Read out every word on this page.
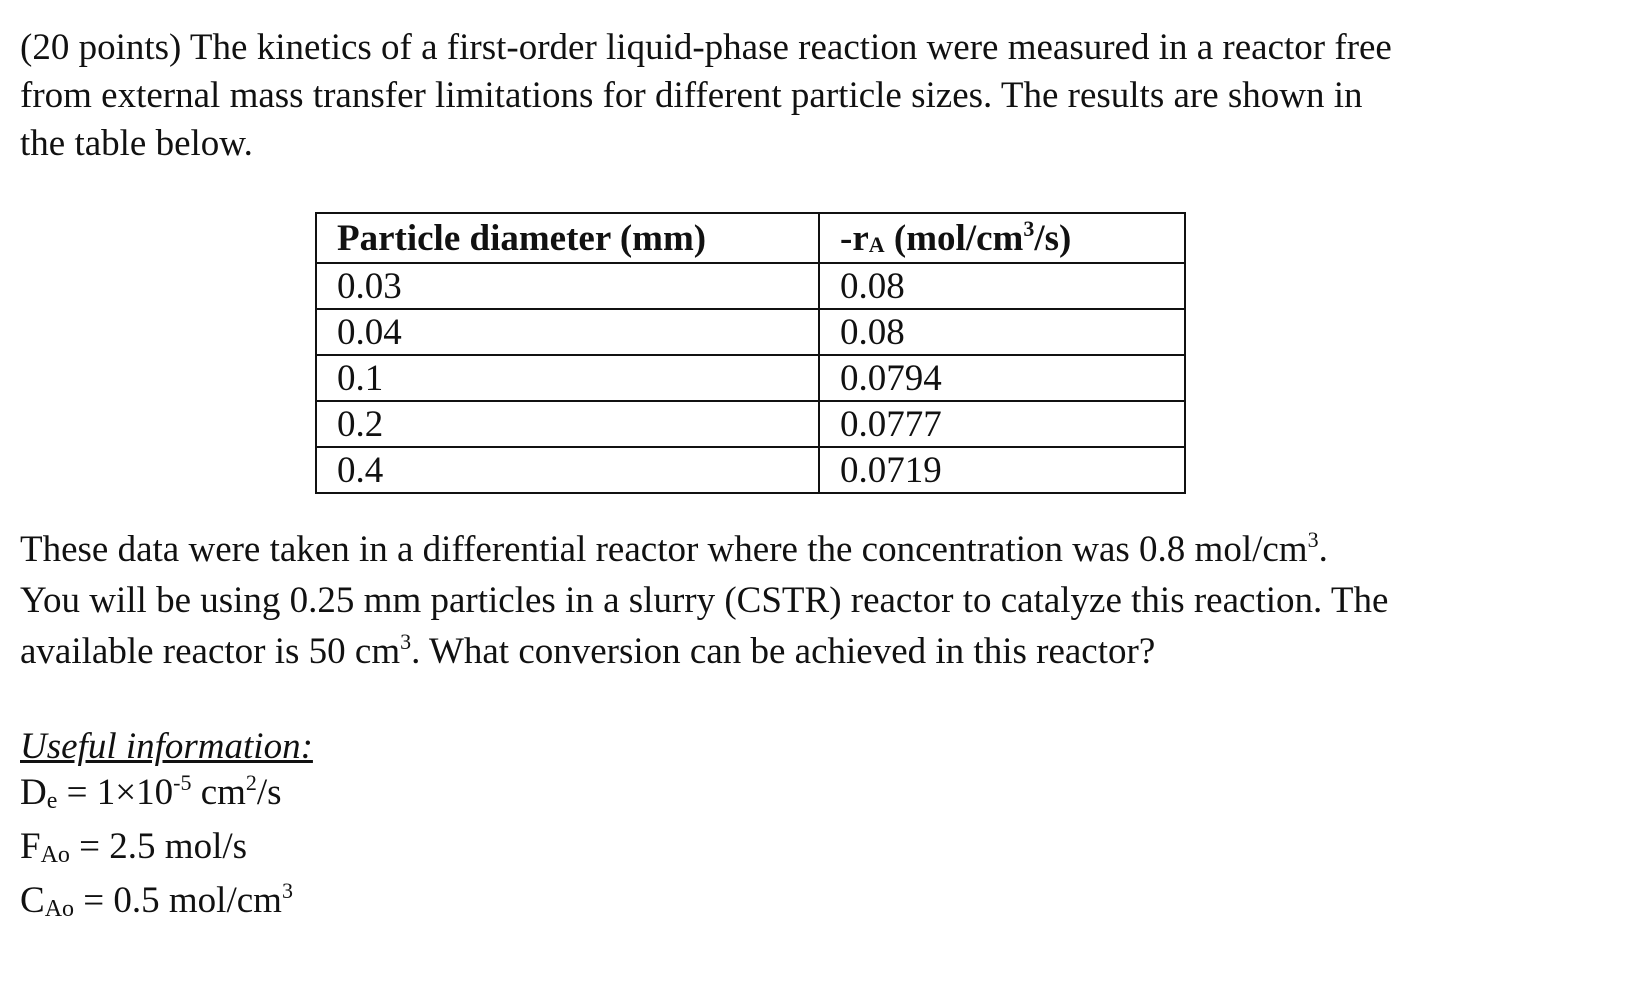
(20 points) The kinetics of a first-order liquid-phase reaction were measured in a reactor free
from external mass transfer limitations for different particle sizes. The results are shown in
the table below.

Particle diameter (mm)	-rA $(mol/cm^3/s)$
0.03	0.08
0.04	0.08
0.1	0.0794
0.2	0.0777
0.4	0.0719

These data were taken in a differential reactor where the concentration was 0.8 mol/$cm^3$.
You will be using 0.25 mm particles in a slurry (CSTR) reactor to catalyze this reaction. The
available reactor is 50 $cm^3$. What conversion can be achieved in this reactor?

Useful information:
$De = 1\times 10^{-5}$ $cm^2/s$
FAo = 2.5 mol/s
CAo = 0.5 mol/$cm^3$
